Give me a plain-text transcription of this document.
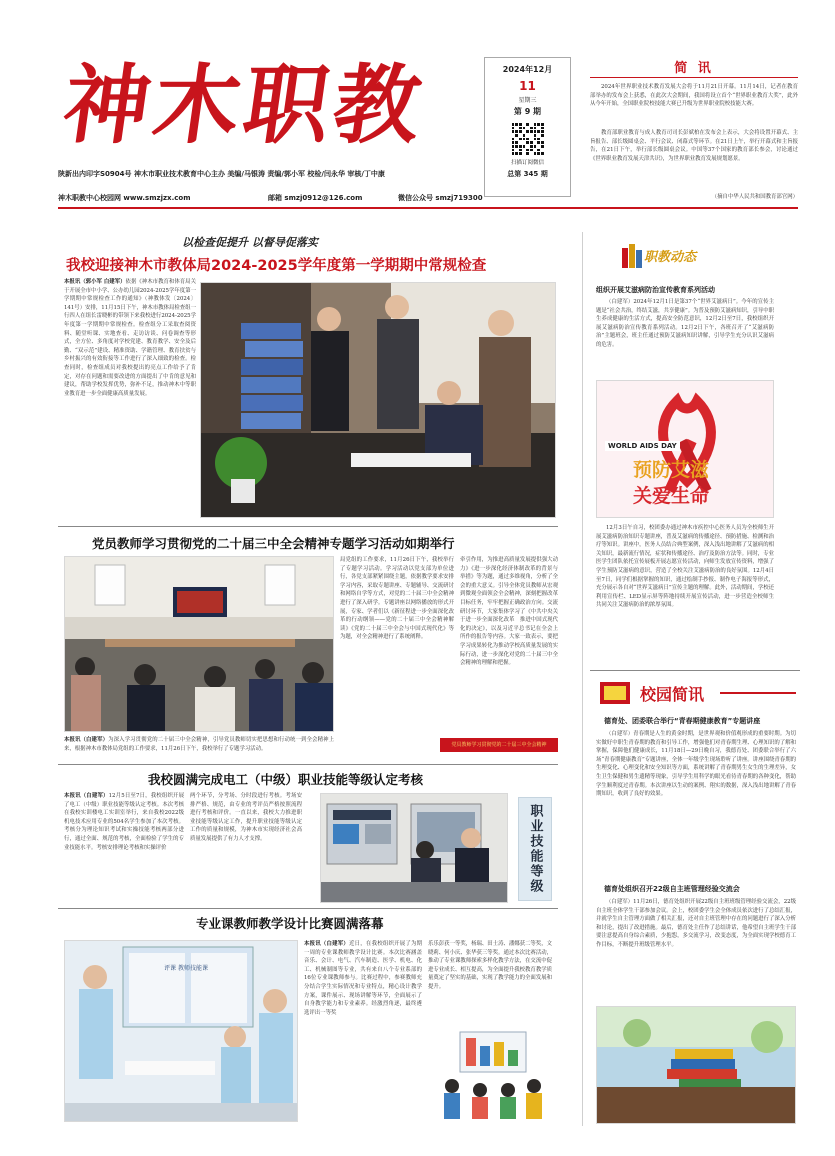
神木职教	2024年12月
11
星期三
第 9 期
扫描订阅微信
总第 345 期
简 讯
2024年世界职业技术教育发展大会将于11月21日开幕。11月14日，记者在教育部举办的发布会上获悉，在此次大会期间，我国将设立首个“世界职业教育大奖”，此外从今年开始，全国职业院校技能大赛已升级为世界职业院校技能大赛。
教育部职业教育与成人教育司司长彭斌柏在发布会上表示，大会将设置开幕式、主旨报告、部长级圆桌会、平行会议、闭幕式等环节。在21日上午，举行开幕式和主旨报告，在21日下午，举行部长级圆桌会议。中国等37个国家的教育部长参会，讨论通过《世界职业教育发展天津共识》，为世界职业教育发展规划愿景。
（摘自中华人民共和国教育部官网）
陕新出内印字S0904号 神木市职业技术教育中心主办 美编/马银涛 责编/郭小军 校检/闫永华 审核/丁中康
神木职教中心校园网 www.smzjzx.com	邮箱 smzj0912@126.com	微信公众号 smzj719300
以检查促提升 以督导促落实
我校迎接神木市教体局2024-2025学年度第一学期期中常规检查
本报讯（郭小军 白建军）依据《神木市教育和体育局关于开展全市中小学、公办幼儿园2024-2025学年度第一学期期中常规检查工作的通知》（神教体发〔2024〕141号）安排，11月15日下午，神木市教体局检查组一行四人在组长雷晓彬的带领下来我校进行2024-2025学年度第一学期期中常规检查。检查组分工采取查阅资料、随堂听课、实地查看、走访访谈、问卷调查等形式，全方位、多角度对学校党建、教育教学、安全及后勤、“双示范”建设、精准资助、学籍管理、教育扶贫与乡村振兴的有效衔接等工作进行了深入细致的检查。检查同时，检查组成员对我校提出的亮点工作给予了肯定，对存在问题和需要改进的方面提出了中肯的意见和建议，帮助学校发挥优势，弥补不足，推动神木中等职业教育进一步全面健康高质量发展。
职教动态
组织开展艾滋病防治宣传教育系列活动
（白建军）2024年12月1日是第37个“世界艾滋病日”。今年的宣传主题是“社会共治，终结艾滋，共享健康”。为普及预防艾滋病知识，引导中职生养成健康的生活方式，提高安全防范意识，12月2日至7日，我校组织开展艾滋病防治宣传教育系列活动。12月2日下午，各班召开了“艾滋病防治”主题班会，班主任通过预防艾滋病知识讲解，引导学生充分认识艾滋病的危害。
WORLD AIDS DAY
预防艾滋
关爱生命
12月3日午自习，校团委办通过神木市疾控中心医务人员为全校师生开展艾滋病防治知识专题讲座，普及艾滋病的传播途径、预防措施、检测和治疗等知识。讲座中，医务人员结合典型案例，深入浅出地讲解了艾滋病的相关知识，最新流行情况，症状和传播途径、治疗及防治方法等。同时，专业医学生团队依托宣传展板开展志愿宣传活动，向师生发放宣传资料，增强了学生预防艾滋病的意识，营造了全校关注艾滋病防治的良好氛围。12月4日至7日，同学们根据掌握的知识，通过绘制手抄报、制作电子海报等形式，充分展示各自对“世界艾滋病日”宣传主题的理解。此外，活动期间，学校还利用宣传栏、LED显示屏等阵地持续开展宣传活动，进一步营造全校师生共同关注艾滋病防治的浓厚氛围。
党员教师学习贯彻党的二十届三中全会精神专题学习活动如期举行
本报讯（白建军）为深入学习贯彻党的二十届三中全会精神，引导党员教师切实把思想和行动统一到全会精神上来，根据神木市教体局党组的工作要求，11月26日下午，我校举行了专题学习活动。
局党组的工作要求，11月26日下午，我校举行了专题学习活动。学习活动以党支部为单位进行，各党支部紧紧围绕主题，依据教学要求安排学习内容，采取专题讲座、专题辅导、交流研讨和网络自学等方式，对党的二十届三中全会精神进行了深入研学。专题讲座以网络播放的形式开展，专家、学者们以《新征程进一步全面深化改革的行动纲领——党的二十届三中全会精神解读》《党的二十届三中全会与中国式现代化》等为题，对全会精神进行了系统阐释。
牵引作用，为推进高质量发展提供强大动力》《进一步深化经济体制改革的背景与举措》等为题，通过多维视角，分析了全会的重大意义。引导全体党员教师从宏观到微观全面领会全会精神，深刻把握改革目标任务，牢牢把握正确政治方向。交流研讨环节，大家集体学习了《中共中央关于进一步全面深化改革　推进中国式现代化的决定》，以及习近平总书记在全会上所作的报告等内容。大家一致表示，要把学习成果转化为推动学校高质量发展的实际行动，进一步深化对党的二十届三中全会精神的理解和把握。
党员教师学习贯彻党的二十届三中全会精神
校园简讯
德育处、团委联合举行“青春期健康教育”专题讲座
（白建军）青春期是人生的黄金时期，是世界观和价值观形成的重要时期。为切实做好中职生青春期的教育和引导工作，增强他们对青春期生理、心理知识的了解和掌握，保障他们健康成长，11月18日—29日晚自习，我德育处、团委联合举行了六场“青春期健康教育”专题讲座，全体一年级学生现场聆听了讲座。讲座围绕青春期的生理变化、心理变化和安全知识等方面，系统讲解了青春期男生女生的生理差异，女生卫生保健和男生遗精等现象，引导学生用科学的眼光看待青春期的各种变化，帮助学生顺利度过青春期。本次讲座以生动的案例、翔实的数据，深入浅出地讲解了青春期知识，收到了良好的效果。
德育处组织召开22级自主班管理经验交流会
（白建军）11月26日，德育处组织开展22级自主班班级管理经验交流会，22级自主班全体学生干部参加会议。会上，校团委学生会全体成员依次进行了总结汇报，并就学生自主管理方面做了相关汇报，还对自主班管理中存在的问题进行了深入分析和讨论，提出了改进措施。最后，德育处主任作了总结讲话，他希望自主班学生干部要注意提高自身综合素质，少抱怨，多交流学习，改变态度，为全面实现学校德育工作目标，不断提升班级管理水平。
我校圆满完成电工（中级）职业技能等级认定考核
本报讯（白建军）12月5日至7日，我校组织开展了电工（中级）职业技能等级认定考核。本次考核在我校实训楼电工实训室举行，来自我校2022级机电技术应用专业的504名学生参加了本次考核。考核分为理论知识考试和实操技能考核两部分进行，通过全面、规范的考核，全面检验了学生的专业技能水平。考核安排理论考核和实操评价
两个环节，分考场、分时段进行考核。考场安排严格、规范，由专业的考评员严格按照流程进行考核和评价。一直以来，我校大力推进职业技能等级认定工作，提升职业技能等级认定工作的质量和规模，为神木市实现经济社会高质量发展提供了有力人才支撑。	职业技能等级
专业课教师教学设计比赛圆满落幕
评课 教师技能课
本报讯（白建军）近日，在我校组织开展了为期一周的专业课教师教学设计比赛。本次比赛涵盖音乐、会计、电气、汽车制造、医学、机电、化工、机械制图等专业，共有来自八个专业系部的16位专业课教师参与。比赛过程中，参赛教师充分结合学生实际情况和专业特点，精心设计教学方案，课件展示、现场讲解等环节，全面展示了自身教学能力和专业素养。经激烈角逐，最终遴选评出一等奖
乐乐彭获一等奖，杨瑞、田士涛、潘娜获二等奖，文晓莉、何小庆、张华获三等奖。通过本次比赛活动，推动了专业课教师探索多样化教学方法，在交流中促进专业成长、相互提高，为全面提升我校教育教学质量奠定了坚实的基础，实现了教学能力的全面发展和提升。
